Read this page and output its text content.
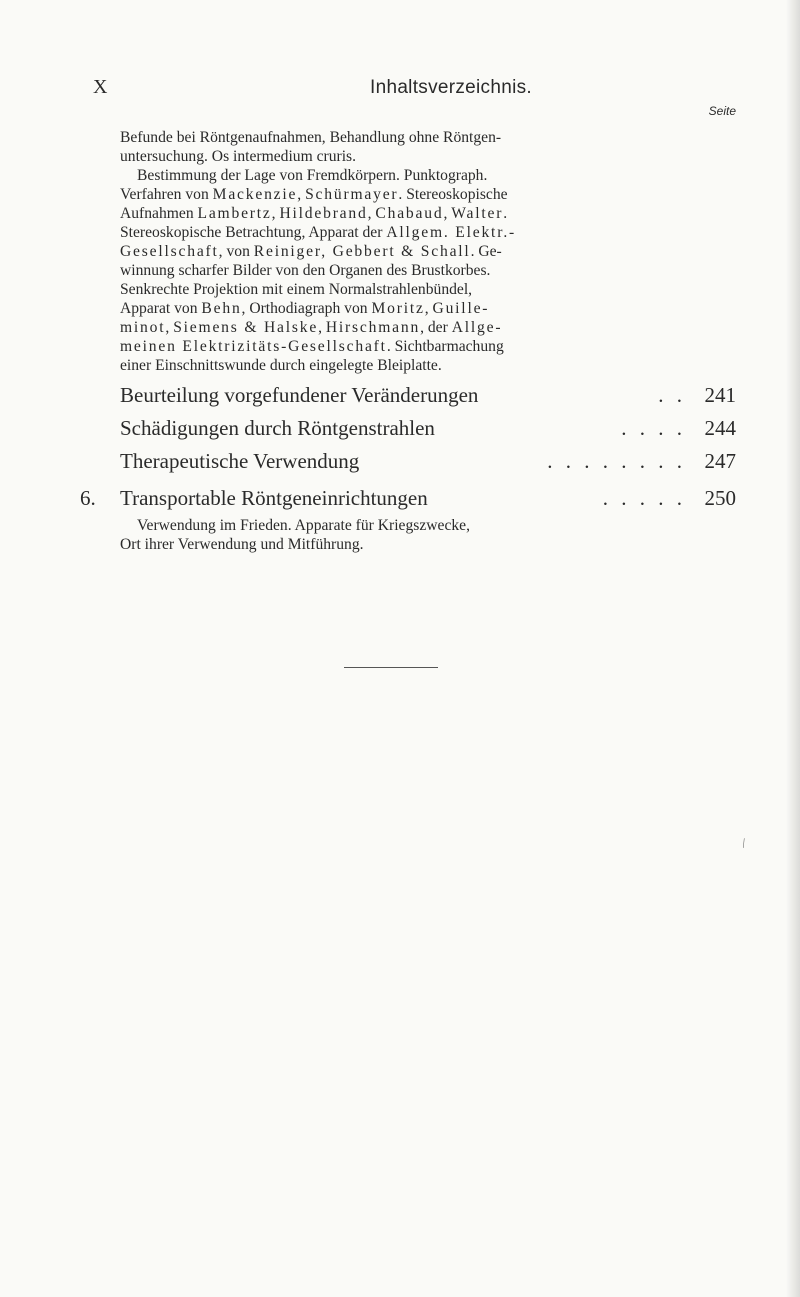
X	Inhaltsverzeichnis.
Seite
Befunde bei Röntgenaufnahmen, Behandlung ohne Röntgen-
untersuchung. Os intermedium cruris.
Bestimmung der Lage von Fremdkörpern. Punktograph.
Verfahren von Mackenzie, Schürmayer. Stereoskopische
Aufnahmen Lambertz, Hildebrand, Chabaud, Walter.
Stereoskopische Betrachtung, Apparat der Allgem. Elektr.-
Gesellschaft, von Reiniger, Gebbert & Schall. Ge-
winnung scharfer Bilder von den Organen des Brustkorbes.
Senkrechte Projektion mit einem Normalstrahlenbündel,
Apparat von Behn, Orthodiagraph von Moritz, Guille-
minot, Siemens & Halske, Hirschmann, der Allge-
meinen Elektrizitäts-Gesellschaft. Sichtbarmachung
einer Einschnittswunde durch eingelegte Bleiplatte.
Beurteilung vorgefundener Veränderungen	. . 241
Schädigungen durch Röntgenstrahlen	. . . . 244
Therapeutische Verwendung	. . . . . . . . 247
6.	Transportable Röntgeneinrichtungen	. . . . . 250
Verwendung im Frieden. Apparate für Kriegszwecke,
Ort ihrer Verwendung und Mitführung.
⁄
